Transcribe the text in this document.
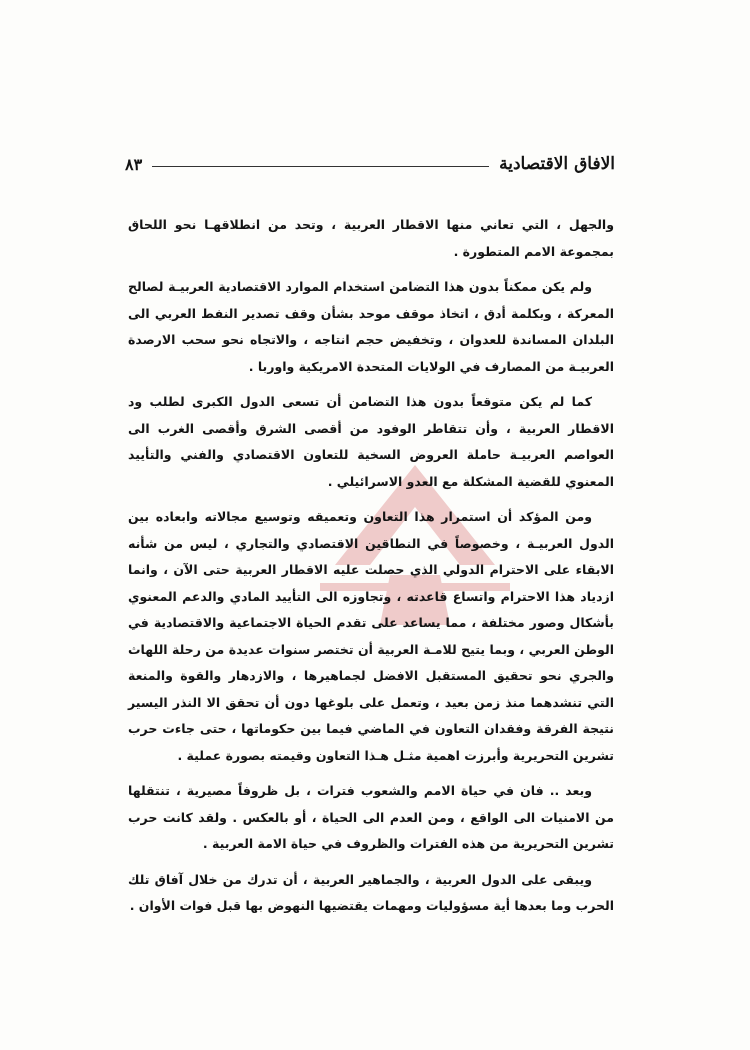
الافاق الاقتصادية
٨٣

والجهل ، التي تعاني منها الاقطار العربية ، وتحد من انطلاقهـا نحو اللحاق بمجموعة الامم المتطورة .

ولم يكن ممكناً بدون هذا التضامن استخدام الموارد الاقتصادية العربيـة لصالح المعركة ، وبكلمة أدق ، اتخاذ موقف موحد بشأن وقف تصدير النفط العربي الى البلدان المساندة للعدوان ، وتخفيض حجم انتاجه ، والاتجاه نحو سحب الارصدة العربيـة من المصارف في الولايات المتحدة الامريكية واوربا .

كما لم يكن متوقعاً بدون هذا التضامن أن تسعى الدول الكبرى لطلب ود الاقطار العربية ، وأن تتقاطر الوفود من أقصى الشرق وأقصى الغرب الى العواصم العربيـة حاملة العروض السخية للتعاون الاقتصادي والفني والتأييد المعنوي للقضية المشكلة مع العدو الاسرائيلي .

ومن المؤكد أن استمرار هذا التعاون وتعميقه وتوسيع مجالاته وابعاده بين الدول العربيـة ، وخصوصاً في النطاقين الاقتصادي والتجاري ، ليس من شأنه الابقاء على الاحترام الدولي الذي حصلت عليه الاقطار العربية حتى الآن ، وانما ازدياد هذا الاحترام واتساع قاعدته ، وتجاوزه الى التأييد المادي والدعم المعنوي بأشكال وصور مختلفة ، مما يساعد على تقدم الحياة الاجتماعية والاقتصادية في الوطن العربي ، وبما يتيح للامـة العربية أن تختصر سنوات عديدة من رحلة اللهاث والجري نحو تحقيق المستقبل الافضل لجماهيرها ، والازدهار والقوة والمنعة التي تنشدهما منذ زمن بعيد ، وتعمل على بلوغها دون أن تحقق الا النذر اليسير نتيجة الفرقة وفقدان التعاون في الماضي فيما بين حكوماتها ، حتى جاءت حرب تشرين التحريرية وأبرزت اهمية مثـل هـذا التعاون وقيمته بصورة عملية .

وبعد .. فان في حياة الامم والشعوب فترات ، بل ظروفاً مصيرية ، تنتقلها من الامنيات الى الواقع ، ومن العدم الى الحياة ، أو بالعكس . ولقد كانت حرب تشرين التحريرية من هذه الفترات والظروف في حياة الامة العربية .

ويبقى على الدول العربية ، والجماهير العربية ، أن تدرك من خلال آفاق تلك الحرب وما بعدها أية مسؤوليات ومهمات يقتضيها النهوض بها قبل فوات الأوان .
